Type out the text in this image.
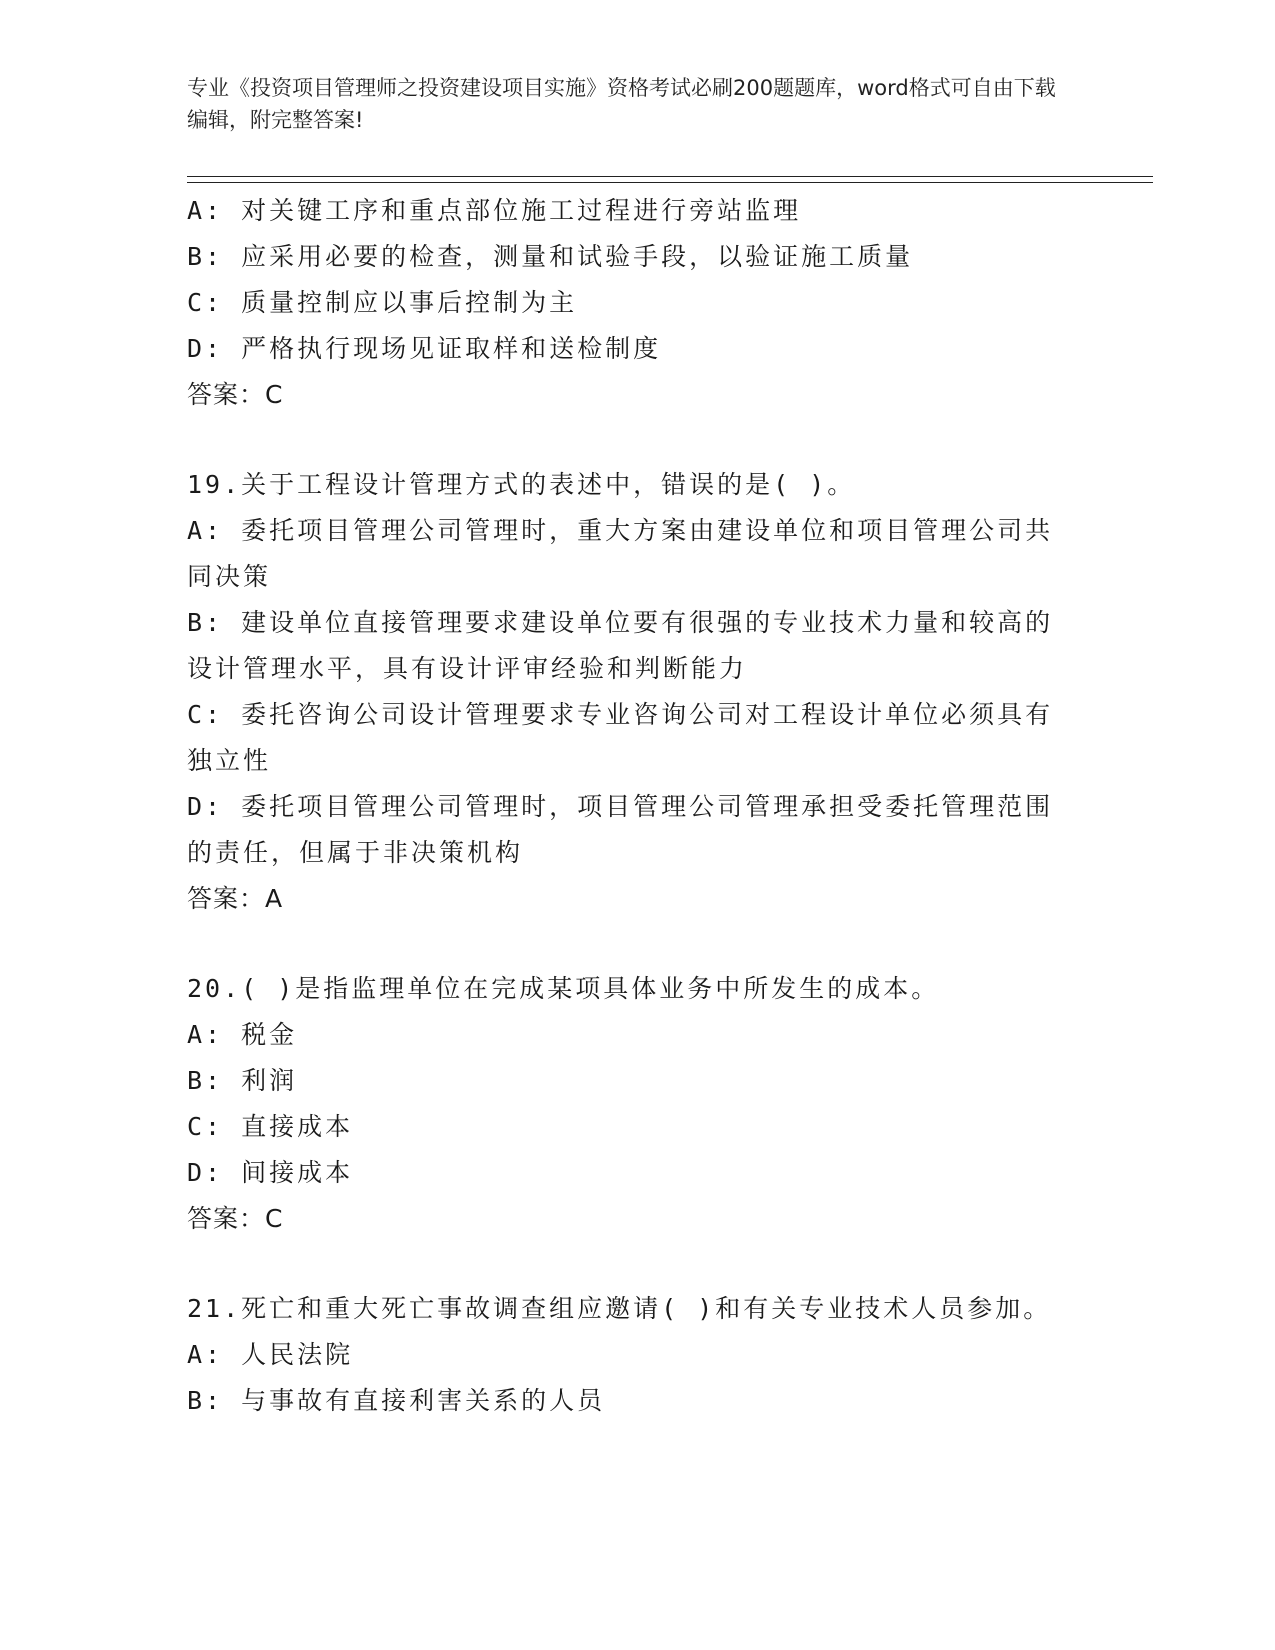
专业《投资项目管理师之投资建设项目实施》资格考试必刷200题题库，word格式可自由下载编辑，附完整答案!
A: 对关键工序和重点部位施工过程进行旁站监理
B: 应采用必要的检查，测量和试验手段，以验证施工质量
C: 质量控制应以事后控制为主
D: 严格执行现场见证取样和送检制度
答案：C
19.关于工程设计管理方式的表述中，错误的是( )。
A: 委托项目管理公司管理时，重大方案由建设单位和项目管理公司共同决策
B: 建设单位直接管理要求建设单位要有很强的专业技术力量和较高的设计管理水平，具有设计评审经验和判断能力
C: 委托咨询公司设计管理要求专业咨询公司对工程设计单位必须具有独立性
D: 委托项目管理公司管理时，项目管理公司管理承担受委托管理范围的责任，但属于非决策机构
答案：A
20.( )是指监理单位在完成某项具体业务中所发生的成本。
A: 税金
B: 利润
C: 直接成本
D: 间接成本
答案：C
21.死亡和重大死亡事故调查组应邀请( )和有关专业技术人员参加。
A: 人民法院
B: 与事故有直接利害关系的人员
